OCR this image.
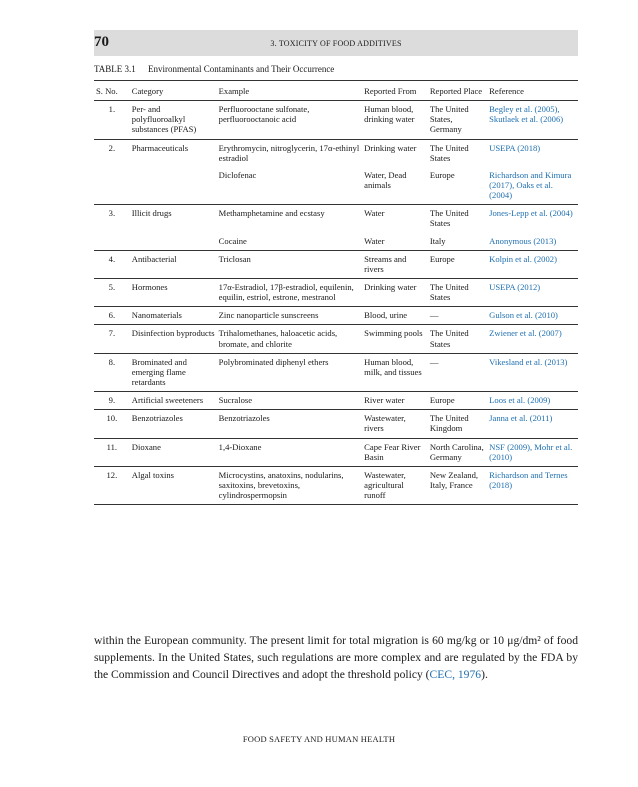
70	3. TOXICITY OF FOOD ADDITIVES
TABLE 3.1 Environmental Contaminants and Their Occurrence
S. No.	Category	Example	Reported From	Reported Place	Reference
1.	Per- and polyfluoroalkyl substances (PFAS)	Perfluorooctane sulfonate, perfluorooctanoic acid	Human blood, drinking water	The United States, Germany	Begley et al. (2005), Skutlaek et al. (2006)
2.	Pharmaceuticals	Erythromycin, nitroglycerin, 17α-ethinyl estradiol	Drinking water	The United States	USEPA (2018)
		Diclofenac	Water, Dead animals	Europe	Richardson and Kimura (2017), Oaks et al. (2004)
3.	Illicit drugs	Methamphetamine and ecstasy	Water	The United States	Jones-Lepp et al. (2004)
		Cocaine	Water	Italy	Anonymous (2013)
4.	Antibacterial	Triclosan	Streams and rivers	Europe	Kolpin et al. (2002)
5.	Hormones	17α-Estradiol, 17β-estradiol, equilenin, equilin, estriol, estrone, mestranol	Drinking water	The United States	USEPA (2012)
6.	Nanomaterials	Zinc nanoparticle sunscreens	Blood, urine	—	Gulson et al. (2010)
7.	Disinfection byproducts	Trihalomethanes, haloacetic acids, bromate, and chlorite	Swimming pools	The United States	Zwiener et al. (2007)
8.	Brominated and emerging flame retardants	Polybrominated diphenyl ethers	Human blood, milk, and tissues	—	Vikesland et al. (2013)
9.	Artificial sweeteners	Sucralose	River water	Europe	Loos et al. (2009)
10.	Benzotriazoles	Benzotriazoles	Wastewater, rivers	The United Kingdom	Janna et al. (2011)
11.	Dioxane	1,4-Dioxane	Cape Fear River Basin	North Carolina, Germany	NSF (2009), Mohr et al. (2010)
12.	Algal toxins	Microcystins, anatoxins, nodularins, saxitoxins, brevetoxins, cylindrospermopsin	Wastewater, agricultural runoff	New Zealand, Italy, France	Richardson and Ternes (2018)
within the European community. The present limit for total migration is 60 mg/kg or 10 μg/dm² of food supplements. In the United States, such regulations are more complex and are regulated by the FDA by the Commission and Council Directives and adopt the threshold policy (CEC, 1976).
FOOD SAFETY AND HUMAN HEALTH
